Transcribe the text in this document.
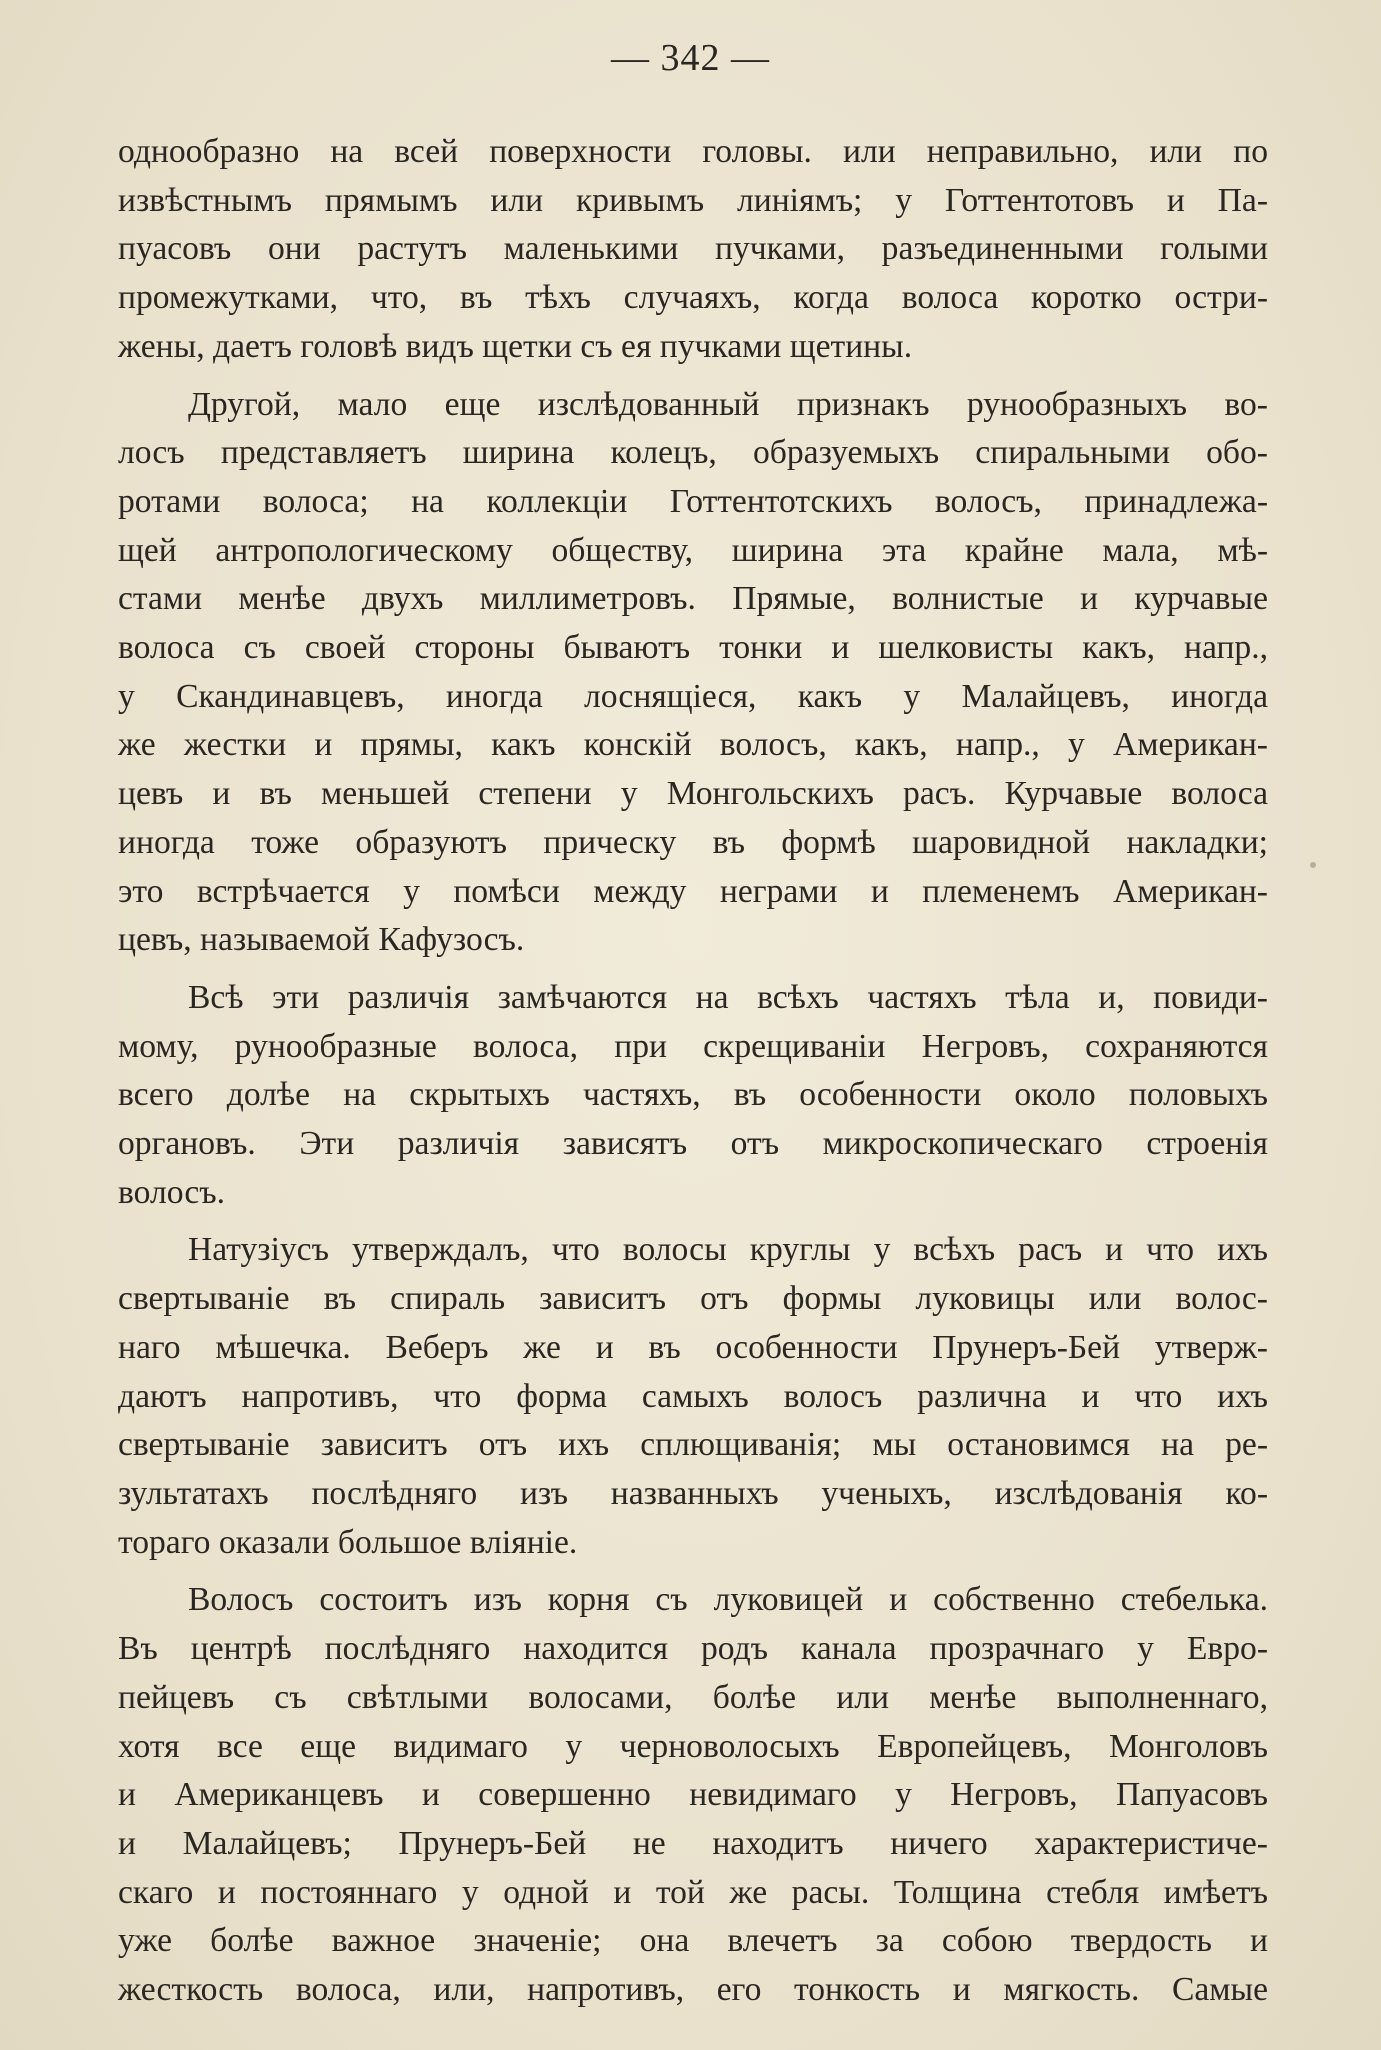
— 342 —
однообразно на всей поверхности головы. или неправильно, или по
извѣстнымъ прямымъ или кривымъ линіямъ; у Готтентотовъ и Па-
пуасовъ они растутъ маленькими пучками, разъединенными голыми
промежутками, что, въ тѣхъ случаяхъ, когда волоса коротко остри-
жены, даетъ головѣ видъ щетки съ ея пучками щетины.
Другой, мало еще изслѣдованный признакъ рунообразныхъ во-
лосъ представляетъ ширина колецъ, образуемыхъ спиральными обо-
ротами волоса; на коллекціи Готтентотскихъ волосъ, принадлежа-
щей антропологическому обществу, ширина эта крайне мала, мѣ-
стами менѣе двухъ миллиметровъ. Прямые, волнистые и курчавые
волоса съ своей стороны бываютъ тонки и шелковисты какъ, напр.,
у Скандинавцевъ, иногда лоснящіеся, какъ у Малайцевъ, иногда
же жестки и прямы, какъ конскій волосъ, какъ, напр., у Американ-
цевъ и въ меньшей степени у Монгольскихъ расъ. Курчавые волоса
иногда тоже образуютъ прическу въ формѣ шаровидной накладки;
это встрѣчается у помѣси между неграми и племенемъ Американ-
цевъ, называемой Кафузосъ.
Всѣ эти различія замѣчаются на всѣхъ частяхъ тѣла и, повиди-
мому, рунообразные волоса, при скрещиваніи Негровъ, сохраняются
всего долѣе на скрытыхъ частяхъ, въ особенности около половыхъ
органовъ. Эти различія зависятъ отъ микроскопическаго строенія
волосъ.
Натузіусъ утверждалъ, что волосы круглы у всѣхъ расъ и что ихъ
свертываніе въ спираль зависитъ отъ формы луковицы или волос-
наго мѣшечка. Веберъ же и въ особенности Прунеръ-Бей утверж-
даютъ напротивъ, что форма самыхъ волосъ различна и что ихъ
свертываніе зависитъ отъ ихъ сплющиванія; мы остановимся на ре-
зультатахъ послѣдняго изъ названныхъ ученыхъ, изслѣдованія ко-
тораго оказали большое вліяніе.
Волосъ состоитъ изъ корня съ луковицей и собственно стебелька.
Въ центрѣ послѣдняго находится родъ канала прозрачнаго у Евро-
пейцевъ съ свѣтлыми волосами, болѣе или менѣе выполненнаго,
хотя все еще видимаго у черноволосыхъ Европейцевъ, Монголовъ
и Американцевъ и совершенно невидимаго у Негровъ, Папуасовъ
и Малайцевъ; Прунеръ-Бей не находитъ ничего характеристиче-
скаго и постояннаго у одной и той же расы. Толщина стебля имѣетъ
уже болѣе важное значеніе; она влечетъ за собою твердость и
жесткость волоса, или, напротивъ, его тонкость и мягкость. Самые
